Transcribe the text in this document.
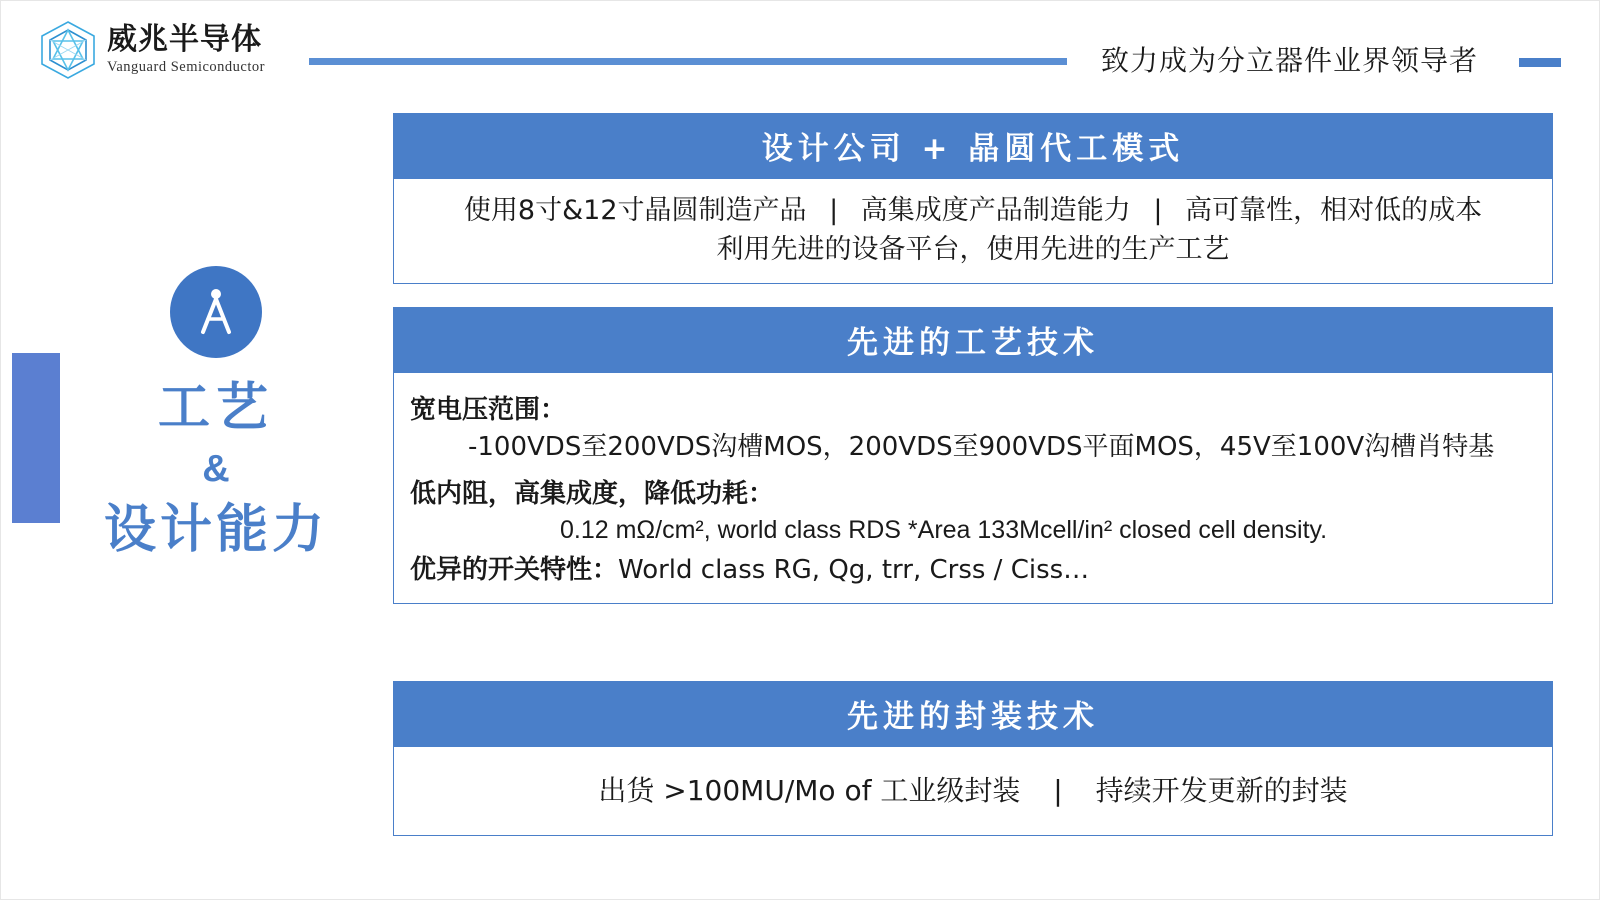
威兆半导体
Vanguard Semiconductor	致力成为分立器件业界领导者
工艺
&
设计能力
设计公司 + 晶圆代工模式
使用8寸&12寸晶圆制造产品 | 高集成度产品制造能力 | 高可靠性，相对低的成本
利用先进的设备平台，使用先进的生产工艺
先进的工艺技术
宽电压范围：
-100VDS至200VDS沟槽MOS，200VDS至900VDS平面MOS，45V至100V沟槽肖特基
低内阻，高集成度，降低功耗：
0.12 mΩ/cm², world class RDS *Area 133Mcell/in² closed cell density.
优异的开关特性：World class RG, Qg, trr, Crss / Ciss…
先进的封装技术
出货 >100MU/Mo of 工业级封装 | 持续开发更新的封装
